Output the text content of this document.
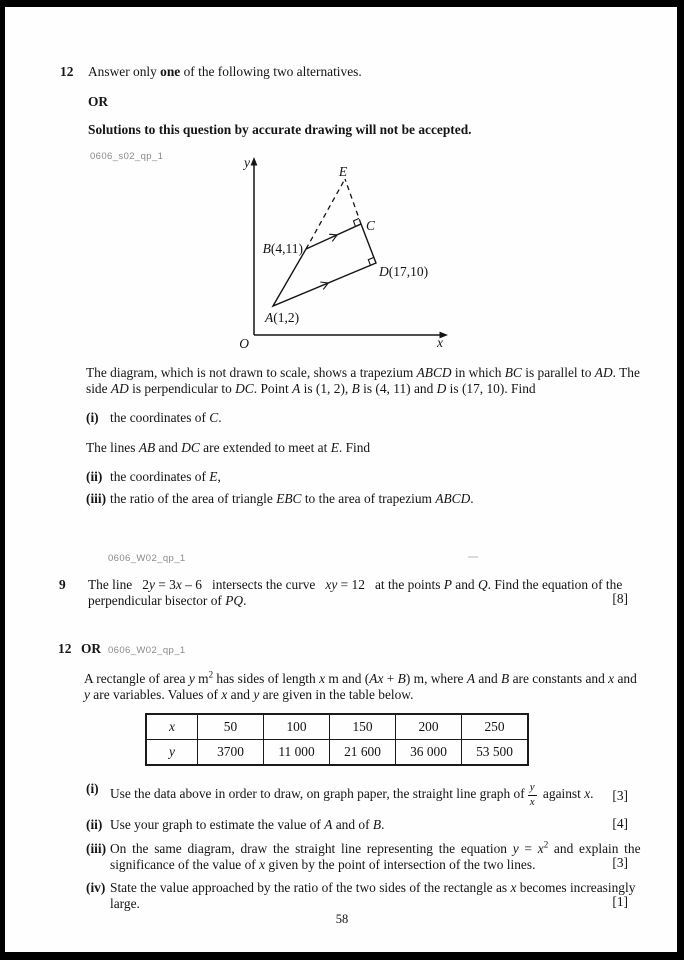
12 Answer only one of the following two alternatives.
OR
Solutions to this question by accurate drawing will not be accepted.
0606_s02_qp_1	y
x
O
E
C
B(4,11)
D(17,10)
A(1,2)
The diagram, which is not drawn to scale, shows a trapezium ABCD in which BC is parallel to AD. The
side AD is perpendicular to DC. Point A is (1, 2), B is (4, 11) and D is (17, 10). Find
(i) the coordinates of C.
The lines AB and DC are extended to meet at E. Find
(ii) the coordinates of E,
(iii) the ratio of the area of triangle EBC to the area of trapezium ABCD.
0606_W02_qp_1
9 The line  2y = 3x – 6  intersects the curve  xy = 12  at the points P and Q. Find the equation of the
perpendicular bisector of PQ.	[8]
12 OR 0606_W02_qp_1
A rectangle of area y $m^2$ has sides of length x m and (Ax + B) m, where A and B are constants and x and
y are variables. Values of x and y are given in the table below.
x	50	100	150	200	250
y	3700	11 000	21 600	36 000	53 500
(i) Use the data above in order to draw, on graph paper, the straight line graph of $\frac{y}{x}$ against x.	[3]
(ii) Use your graph to estimate the value of A and of B.	[4]
(iii) On the same diagram, draw the straight line representing the equation $y = x^2$ and explain the
significance of the value of x given by the point of intersection of the two lines.	[3]
(iv) State the value approached by the ratio of the two sides of the rectangle as x becomes increasingly
large.	[1]
58
